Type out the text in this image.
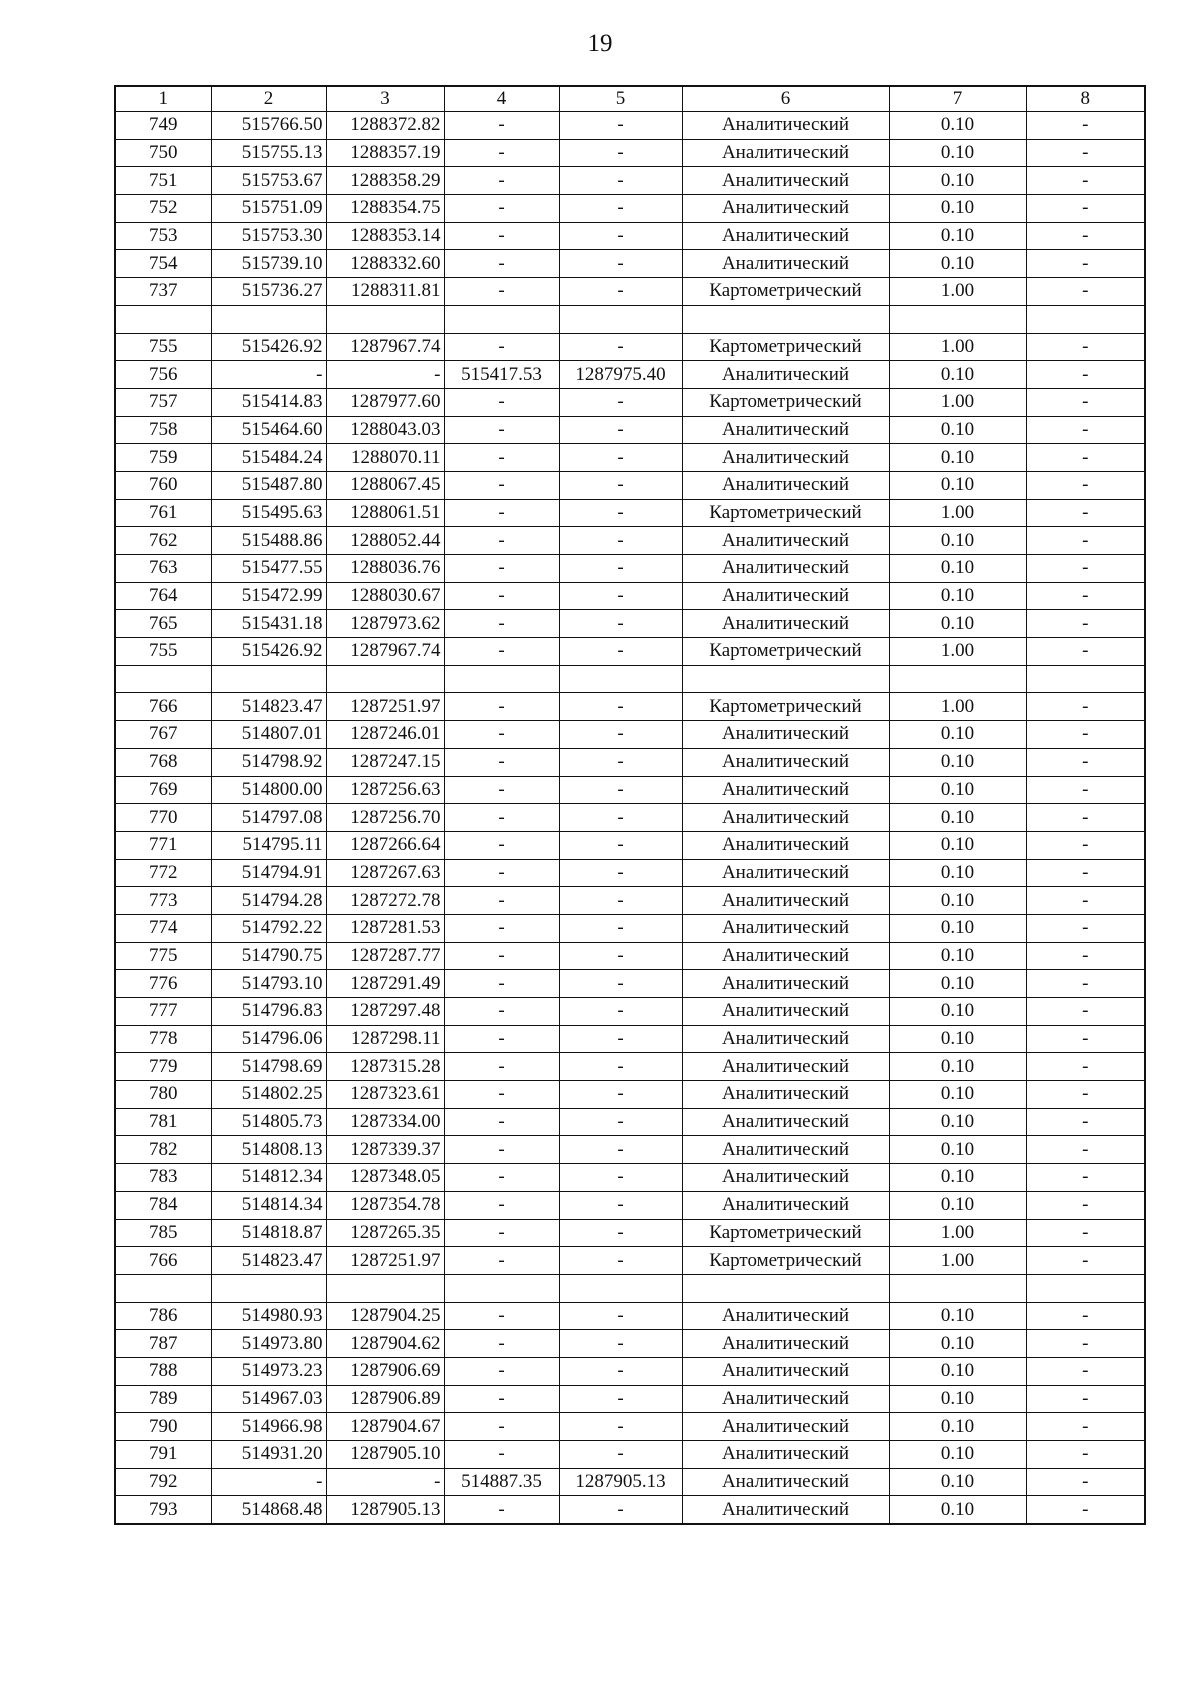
19
1	2	3	4	5	6	7	8
749	515766.50	1288372.82	-	-	Аналитический	0.10	-
750	515755.13	1288357.19	-	-	Аналитический	0.10	-
751	515753.67	1288358.29	-	-	Аналитический	0.10	-
752	515751.09	1288354.75	-	-	Аналитический	0.10	-
753	515753.30	1288353.14	-	-	Аналитический	0.10	-
754	515739.10	1288332.60	-	-	Аналитический	0.10	-
737	515736.27	1288311.81	-	-	Картометрический	1.00	-

755	515426.92	1287967.74	-	-	Картометрический	1.00	-
756	-	-	515417.53	1287975.40	Аналитический	0.10	-
757	515414.83	1287977.60	-	-	Картометрический	1.00	-
758	515464.60	1288043.03	-	-	Аналитический	0.10	-
759	515484.24	1288070.11	-	-	Аналитический	0.10	-
760	515487.80	1288067.45	-	-	Аналитический	0.10	-
761	515495.63	1288061.51	-	-	Картометрический	1.00	-
762	515488.86	1288052.44	-	-	Аналитический	0.10	-
763	515477.55	1288036.76	-	-	Аналитический	0.10	-
764	515472.99	1288030.67	-	-	Аналитический	0.10	-
765	515431.18	1287973.62	-	-	Аналитический	0.10	-
755	515426.92	1287967.74	-	-	Картометрический	1.00	-

766	514823.47	1287251.97	-	-	Картометрический	1.00	-
767	514807.01	1287246.01	-	-	Аналитический	0.10	-
768	514798.92	1287247.15	-	-	Аналитический	0.10	-
769	514800.00	1287256.63	-	-	Аналитический	0.10	-
770	514797.08	1287256.70	-	-	Аналитический	0.10	-
771	514795.11	1287266.64	-	-	Аналитический	0.10	-
772	514794.91	1287267.63	-	-	Аналитический	0.10	-
773	514794.28	1287272.78	-	-	Аналитический	0.10	-
774	514792.22	1287281.53	-	-	Аналитический	0.10	-
775	514790.75	1287287.77	-	-	Аналитический	0.10	-
776	514793.10	1287291.49	-	-	Аналитический	0.10	-
777	514796.83	1287297.48	-	-	Аналитический	0.10	-
778	514796.06	1287298.11	-	-	Аналитический	0.10	-
779	514798.69	1287315.28	-	-	Аналитический	0.10	-
780	514802.25	1287323.61	-	-	Аналитический	0.10	-
781	514805.73	1287334.00	-	-	Аналитический	0.10	-
782	514808.13	1287339.37	-	-	Аналитический	0.10	-
783	514812.34	1287348.05	-	-	Аналитический	0.10	-
784	514814.34	1287354.78	-	-	Аналитический	0.10	-
785	514818.87	1287265.35	-	-	Картометрический	1.00	-
766	514823.47	1287251.97	-	-	Картометрический	1.00	-

786	514980.93	1287904.25	-	-	Аналитический	0.10	-
787	514973.80	1287904.62	-	-	Аналитический	0.10	-
788	514973.23	1287906.69	-	-	Аналитический	0.10	-
789	514967.03	1287906.89	-	-	Аналитический	0.10	-
790	514966.98	1287904.67	-	-	Аналитический	0.10	-
791	514931.20	1287905.10	-	-	Аналитический	0.10	-
792	-	-	514887.35	1287905.13	Аналитический	0.10	-
793	514868.48	1287905.13	-	-	Аналитический	0.10	-
